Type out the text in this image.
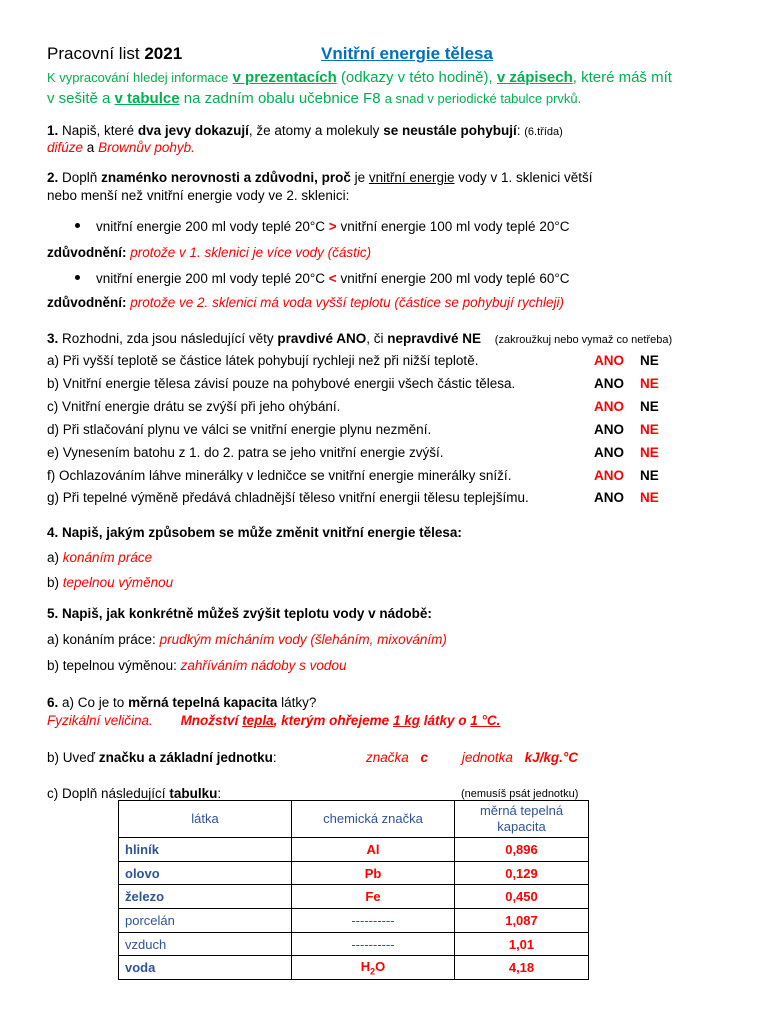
Pracovní list 2021	Vnitřní energie tělesa
K vypracování hledej informace v prezentacích (odkazy v této hodině), v zápisech, které máš mít
v sešitě a v tabulce na zadním obalu učebnice F8 a snad v periodické tabulce prvků.
1. Napiš, které dva jevy dokazují, že atomy a molekuly se neustále pohybují: (6.třída)
difúze a Brownův pohyb.
2. Doplň znaménko nerovnosti a zdůvodni, proč je vnitřní energie vody v 1. sklenici větší
nebo menší než vnitřní energie vody ve 2. sklenici:
vnitřní energie 200 ml vody teplé 20°C > vnitřní energie 100 ml vody teplé 20°C
zdůvodnění: protože v 1. sklenici je více vody (částic)
vnitřní energie 200 ml vody teplé 20°C < vnitřní energie 200 ml vody teplé 60°C
zdůvodnění: protože ve 2. sklenici má voda vyšší teplotu (částice se pohybují rychleji)
3. Rozhodni, zda jsou následující věty pravdivé ANO, či nepravdivé NE (zakroužkuj nebo vymaž co netřeba)
a) Při vyšší teplotě se částice látek pohybují rychleji než při nižší teplotě.	ANO NE
b) Vnitřní energie tělesa závisí pouze na pohybové energii všech částic tělesa.	ANO NE
c) Vnitřní energie drátu se zvýší při jeho ohýbání.	ANO NE
d) Při stlačování plynu ve válci se vnitřní energie plynu nezmění.	ANO NE
e) Vynesením batohu z 1. do 2. patra se jeho vnitřní energie zvýší.	ANO NE
f) Ochlazováním láhve minerálky v ledničce se vnitřní energie minerálky sníží.	ANO NE
g) Při tepelné výměně předává chladnější těleso vnitřní energii tělesu teplejšímu.	ANO NE
4. Napiš, jakým způsobem se může změnit vnitřní energie tělesa:
a) konáním práce
b) tepelnou výměnou
5. Napiš, jak konkrétně můžeš zvýšit teplotu vody v nádobě:
a) konáním práce: prudkým mícháním vody (šleháním, mixováním)
b) tepelnou výměnou: zahříváním nádoby s vodou
6. a) Co je to měrná tepelná kapacita látky?
Fyzikální veličina. Množství tepla, kterým ohřejeme 1 kg látky o 1 °C.
b) Uveď značku a základní jednotku:	značka c	jednotka kJ/kg.°C
c) Doplň následující tabulku:	(nemusíš psát jednotku)
látka	chemická značka	měrná tepelná kapacita
hliník	Al	0,896
olovo	Pb	0,129
železo	Fe	0,450
porcelán	----------	1,087
vzduch	----------	1,01
voda	$H_2O$	4,18
